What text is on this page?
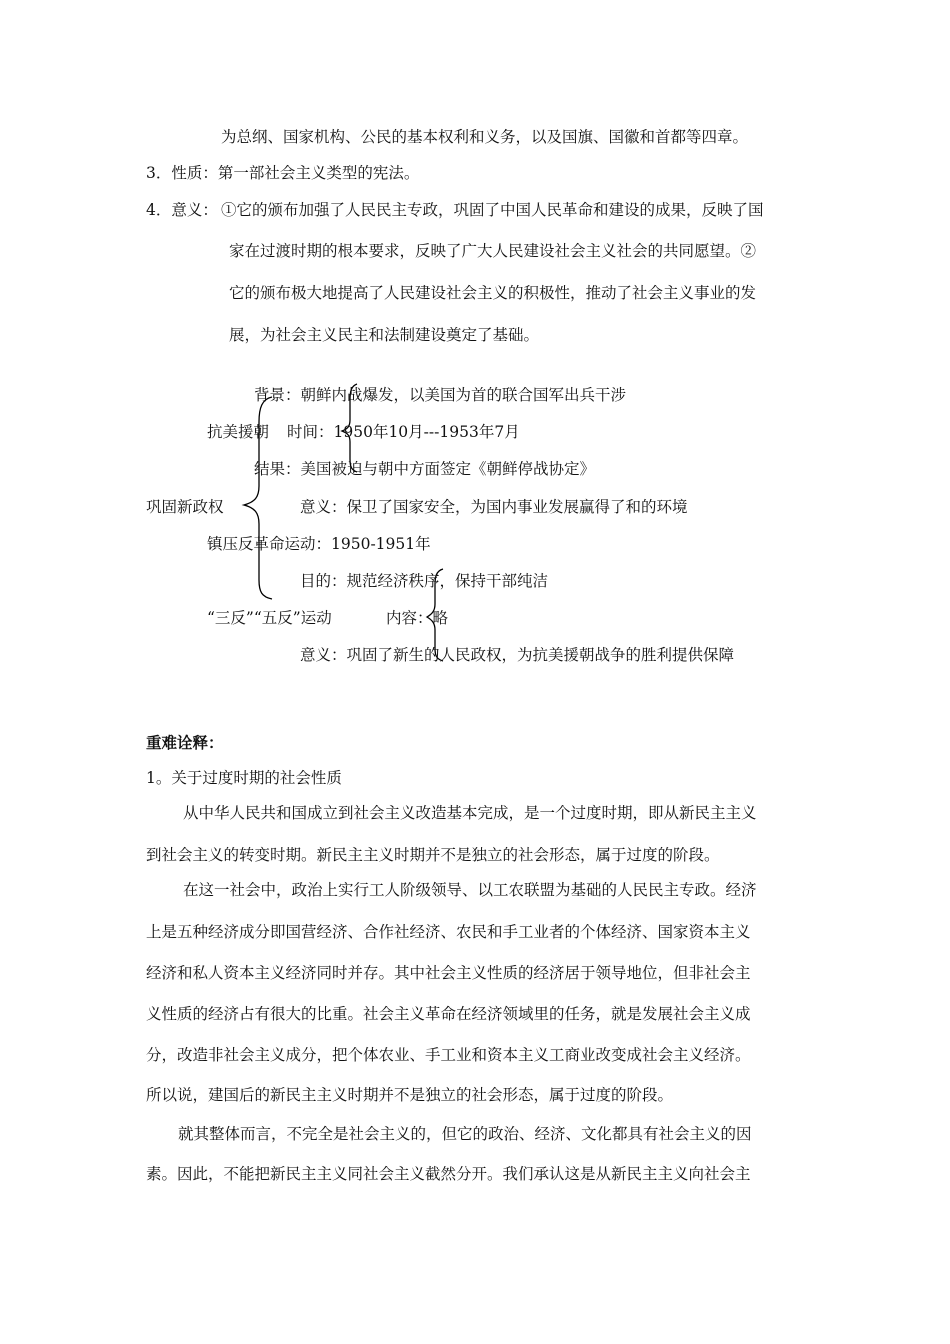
为总纲、国家机构、公民的基本权利和义务，以及国旗、国徽和首都等四章。
3．性质：第一部社会主义类型的宪法。
4．意义： ①它的颁布加强了人民民主专政，巩固了中国人民革命和建设的成果，反映了国
家在过渡时期的根本要求，反映了广大人民建设社会主义社会的共同愿望。②
它的颁布极大地提高了人民建设社会主义的积极性，推动了社会主义事业的发
展，为社会主义民主和法制建设奠定了基础。
巩固新政权
抗美援朝
背景：朝鲜内战爆发，以美国为首的联合国军出兵干涉
时间：1950年10月---1953年7月
结果：美国被迫与朝中方面签定《朝鲜停战协定》
意义：保卫了国家安全，为国内事业发展赢得了和的环境
镇压反革命运动：1950-1951年
目的：规范经济秩序，保持干部纯洁
“三反”“五反”运动	内容：略
意义：巩固了新生的人民政权，为抗美援朝战争的胜利提供保障
重难诠释：
1。关于过度时期的社会性质
从中华人民共和国成立到社会主义改造基本完成，是一个过度时期，即从新民主主义
到社会主义的转变时期。新民主主义时期并不是独立的社会形态，属于过度的阶段。
在这一社会中，政治上实行工人阶级领导、以工农联盟为基础的人民民主专政。经济
上是五种经济成分即国营经济、合作社经济、农民和手工业者的个体经济、国家资本主义
经济和私人资本主义经济同时并存。其中社会主义性质的经济居于领导地位，但非社会主
义性质的经济占有很大的比重。社会主义革命在经济领域里的任务，就是发展社会主义成
分，改造非社会主义成分，把个体农业、手工业和资本主义工商业改变成社会主义经济。
所以说，建国后的新民主主义时期并不是独立的社会形态，属于过度的阶段。
就其整体而言，不完全是社会主义的，但它的政治、经济、文化都具有社会主义的因
素。因此，不能把新民主主义同社会主义截然分开。我们承认这是从新民主主义向社会主
